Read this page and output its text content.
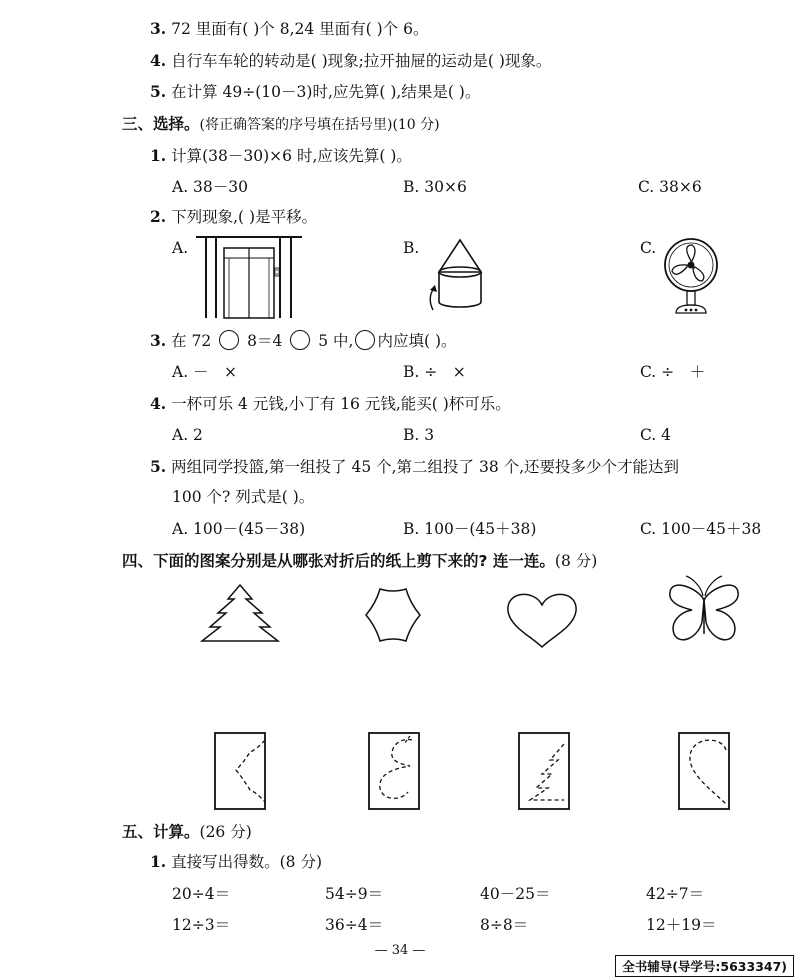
3. 72 里面有( )个 8,24 里面有( )个 6。
4. 自行车车轮的转动是( )现象;拉开抽屉的运动是( )现象。
5. 在计算 49÷(10－3)时,应先算( ),结果是( )。
三、选择。(将正确答案的序号填在括号里)(10 分)
1. 计算(38－30)×6 时,应该先算( )。
A. 38－30	B. 30×6	C. 38×6
2. 下列现象,( )是平移。
A.	B.	C.
3. 在 72 8＝4 5 中, 内应填( )。
A. －　×	B. ÷　×	C. ÷　＋
4. 一杯可乐 4 元钱,小丁有 16 元钱,能买( )杯可乐。
A. 2	B. 3	C. 4
5. 两组同学投篮,第一组投了 45 个,第二组投了 38 个,还要投多少个才能达到
100 个? 列式是( )。
A. 100－(45－38)	B. 100－(45＋38)	C. 100－45＋38
四、下面的图案分别是从哪张对折后的纸上剪下来的? 连一连。(8 分)
五、计算。(26 分)
1. 直接写出得数。(8 分)
20÷4＝	54÷9＝	40－25＝	42÷7＝
12÷3＝	36÷4＝	8÷8＝	12＋19＝
— 34 —
全书辅导(导学号:5633347)
